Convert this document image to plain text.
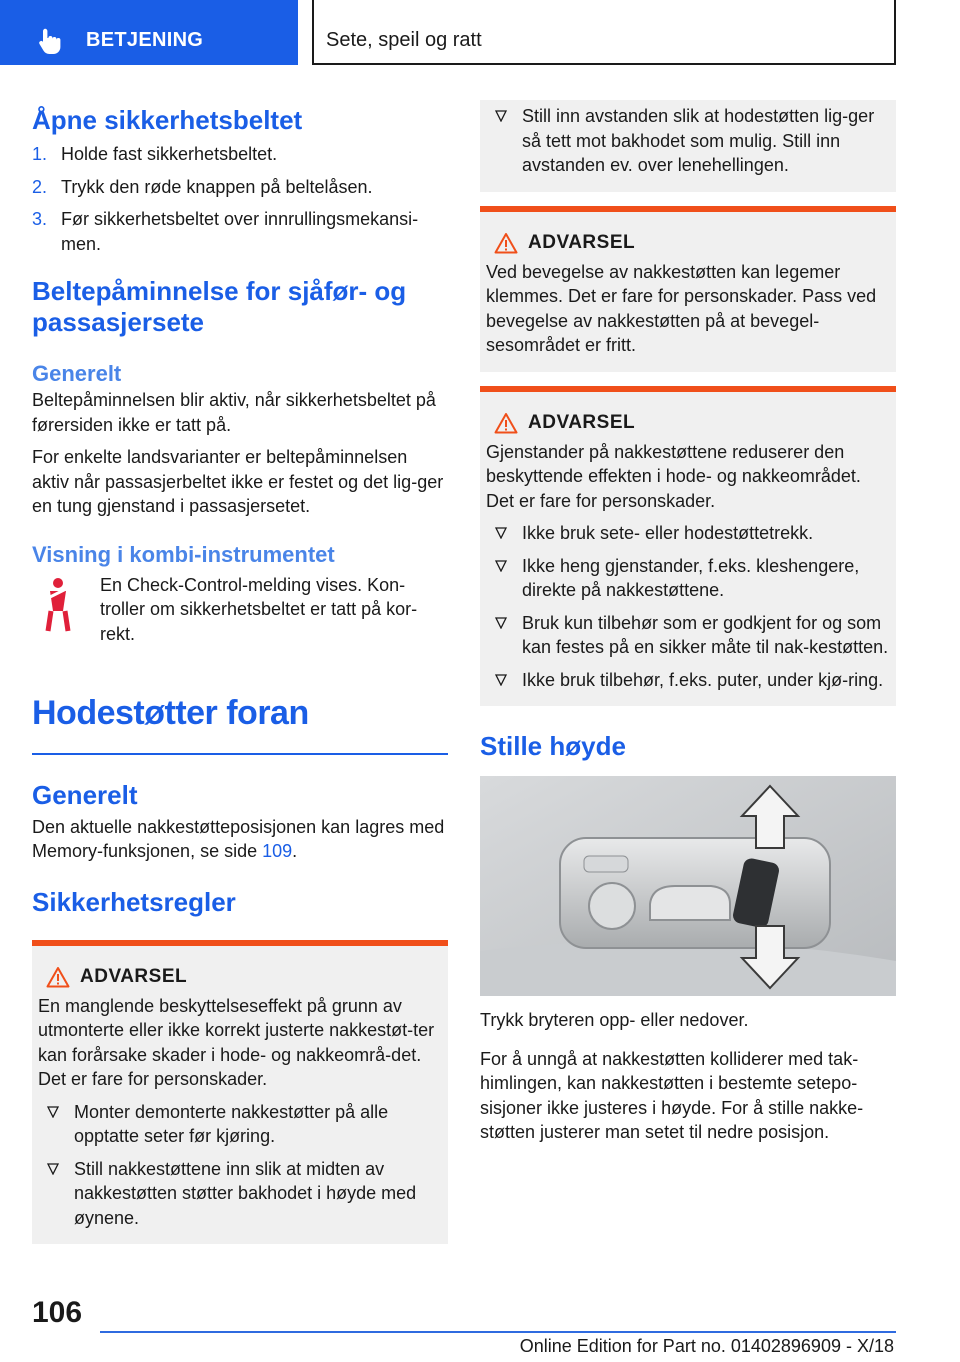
BETJENING	Sete, speil og ratt
Åpne sikkerhetsbeltet
1. Holde fast sikkerhetsbeltet.
2. Trykk den røde knappen på beltelåsen.
3. Før sikkerhetsbeltet over innrullingsmekansi-men.
Beltepåminnelse for sjåfør- og passasjersete
Generelt

Beltepåminnelsen blir aktiv, når sikkerhetsbeltet på førersiden ikke er tatt på.

For enkelte landsvarianter er beltepåminnelsen aktiv når passasjerbeltet ikke er festet og det lig-ger en tung gjenstand i passasjersetet.

Visning i kombi-instrumentet

En Check-Control-melding vises. Kon-troller om sikkerhetsbeltet er tatt på kor-rekt.

Hodestøtter foran
Generelt

Den aktuelle nakkestøtteposisjonen kan lagres med Memory-funksjonen, se side 109.

Sikkerhetsregler
ADVARSEL

En manglende beskyttelseseffekt på grunn av utmonterte eller ikke korrekt justerte nakkestøt-ter kan forårsake skader i hode- og nakkeområ-det. Det er fare for personskader.

Monter demonterte nakkestøtter på alle opptatte seter før kjøring.
Still nakkestøttene inn slik at midten av nakkestøtten støtter bakhodet i høyde med øynene.
Still inn avstanden slik at hodestøtten lig-ger så tett mot bakhodet som mulig. Still inn avstanden ev. over lenehellingen.
ADVARSEL

Ved bevegelse av nakkestøtten kan legemer klemmes. Det er fare for personskader. Pass ved bevegelse av nakkestøtten på at bevegel-sesområdet er fritt.

ADVARSEL

Gjenstander på nakkestøttene reduserer den beskyttende effekten i hode- og nakkeområdet. Det er fare for personskader.

Ikke bruk sete- eller hodestøttetrekk.
Ikke heng gjenstander, f.eks. kleshengere, direkte på nakkestøttene.
Bruk kun tilbehør som er godkjent for og som kan festes på en sikker måte til nak-kestøtten.
Ikke bruk tilbehør, f.eks. puter, under kjø-ring.
Stille høyde

Trykk bryteren opp- eller nedover.

For å unngå at nakkestøtten kolliderer med tak-himlingen, kan nakkestøtten i bestemte setepo-sisjoner ikke justeres i høyde. For å stille nakke-støtten justerer man setet til nedre posisjon.

106
Online Edition for Part no. 01402896909 - X/18
